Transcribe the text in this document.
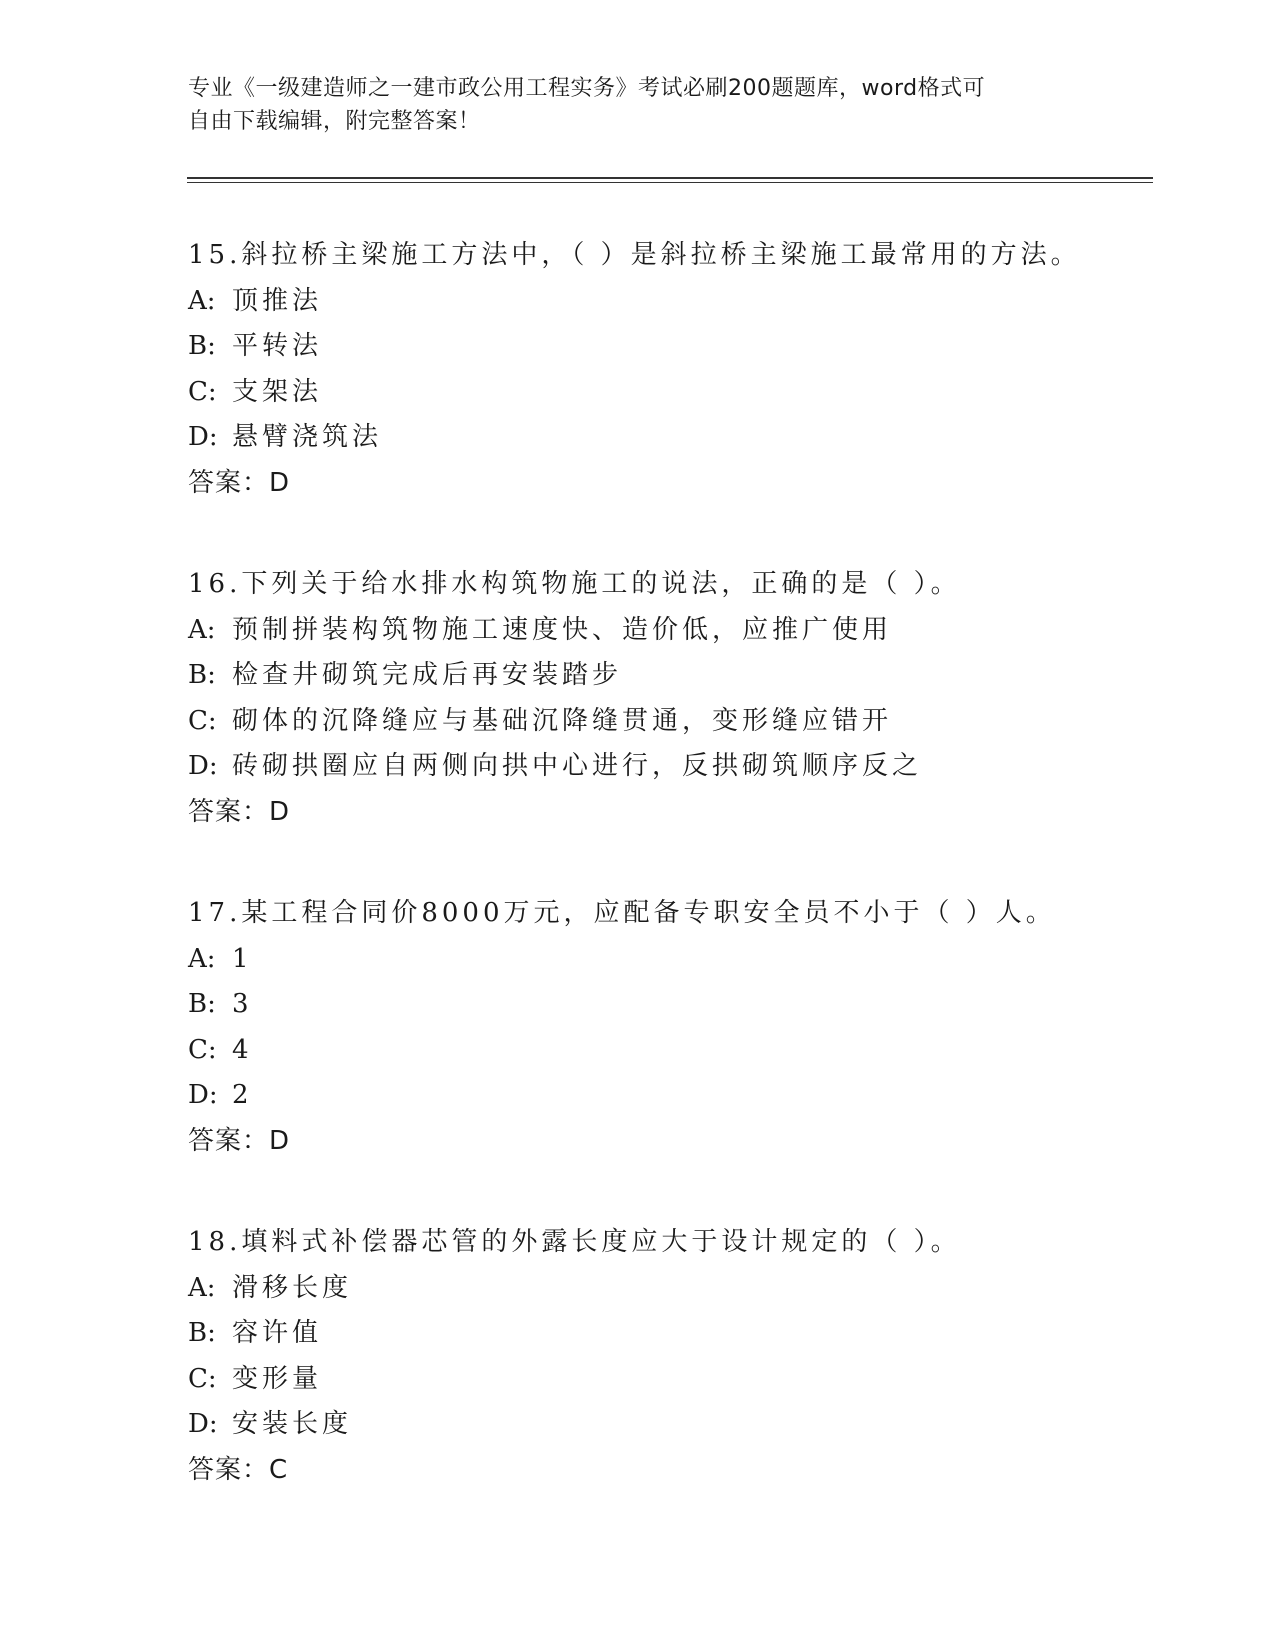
专业《一级建造师之一建市政公用工程实务》考试必刷200题题库，word格式可
自由下载编辑，附完整答案！
15.斜拉桥主梁施工方法中，（ ）是斜拉桥主梁施工最常用的方法。
A: 顶推法
B: 平转法
C: 支架法
D: 悬臂浇筑法
答案：D
16.下列关于给水排水构筑物施工的说法，正确的是（ ）。
A: 预制拼装构筑物施工速度快、造价低，应推广使用
B: 检查井砌筑完成后再安装踏步
C: 砌体的沉降缝应与基础沉降缝贯通，变形缝应错开
D: 砖砌拱圈应自两侧向拱中心进行，反拱砌筑顺序反之
答案：D
17.某工程合同价8000万元，应配备专职安全员不小于（ ）人。
A: 1
B: 3
C: 4
D: 2
答案：D
18.填料式补偿器芯管的外露长度应大于设计规定的（ ）。
A: 滑移长度
B: 容许值
C: 变形量
D: 安装长度
答案：C
